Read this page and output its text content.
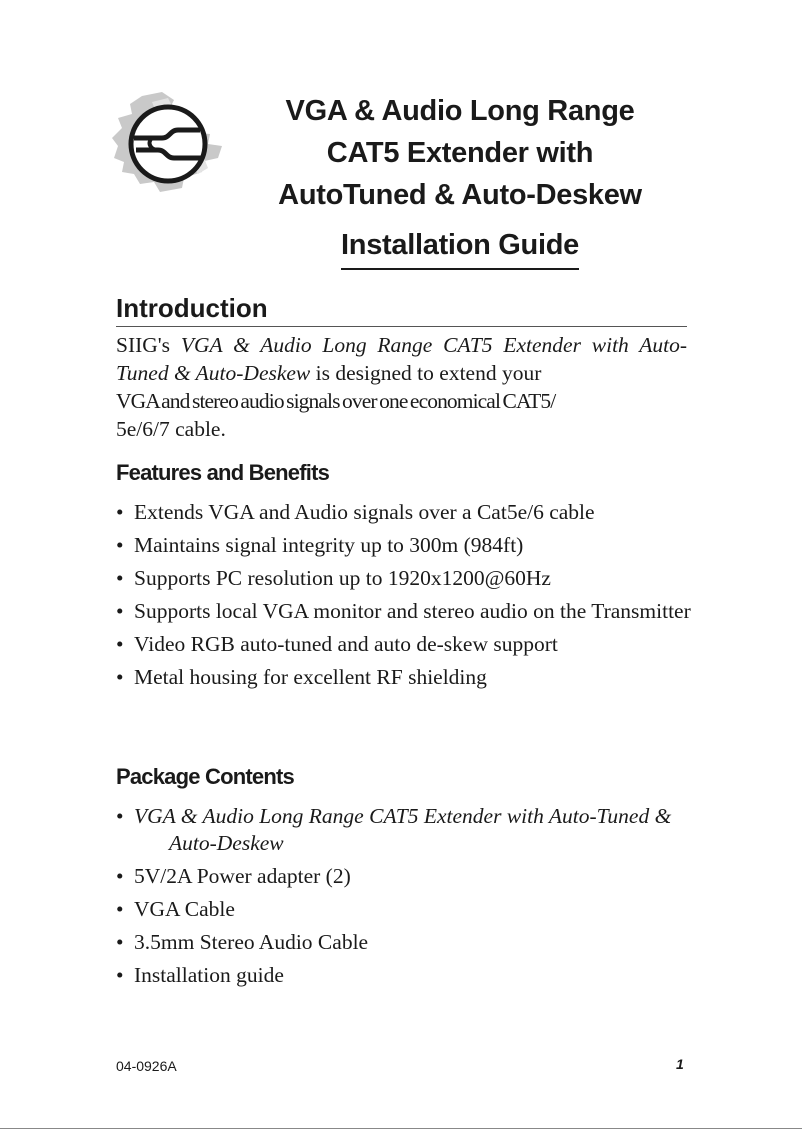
VGA & Audio Long Range
CAT5 Extender with
AutoTuned & Auto-Deskew
Installation Guide
Introduction
SIIG's VGA & Audio Long Range CAT5 Extender with Auto-Tuned & Auto-Deskew is designed to extend your
VGA and stereo audio signals over one economical CAT5/
5e/6/7 cable.
Features and Benefits
• Extends VGA and Audio signals over a Cat5e/6 cable
• Maintains signal integrity up to 300m (984ft)
• Supports PC resolution up to 1920x1200@60Hz
• Supports local VGA monitor and stereo audio on the Transmitter
• Video RGB auto-tuned and auto de-skew support
• Metal housing for excellent RF shielding
Package Contents
• VGA & Audio Long Range CAT5 Extender with Auto-Tuned & Auto-Deskew
• 5V/2A Power adapter (2)
• VGA Cable
• 3.5mm Stereo Audio Cable
• Installation guide
04-0926A	1
